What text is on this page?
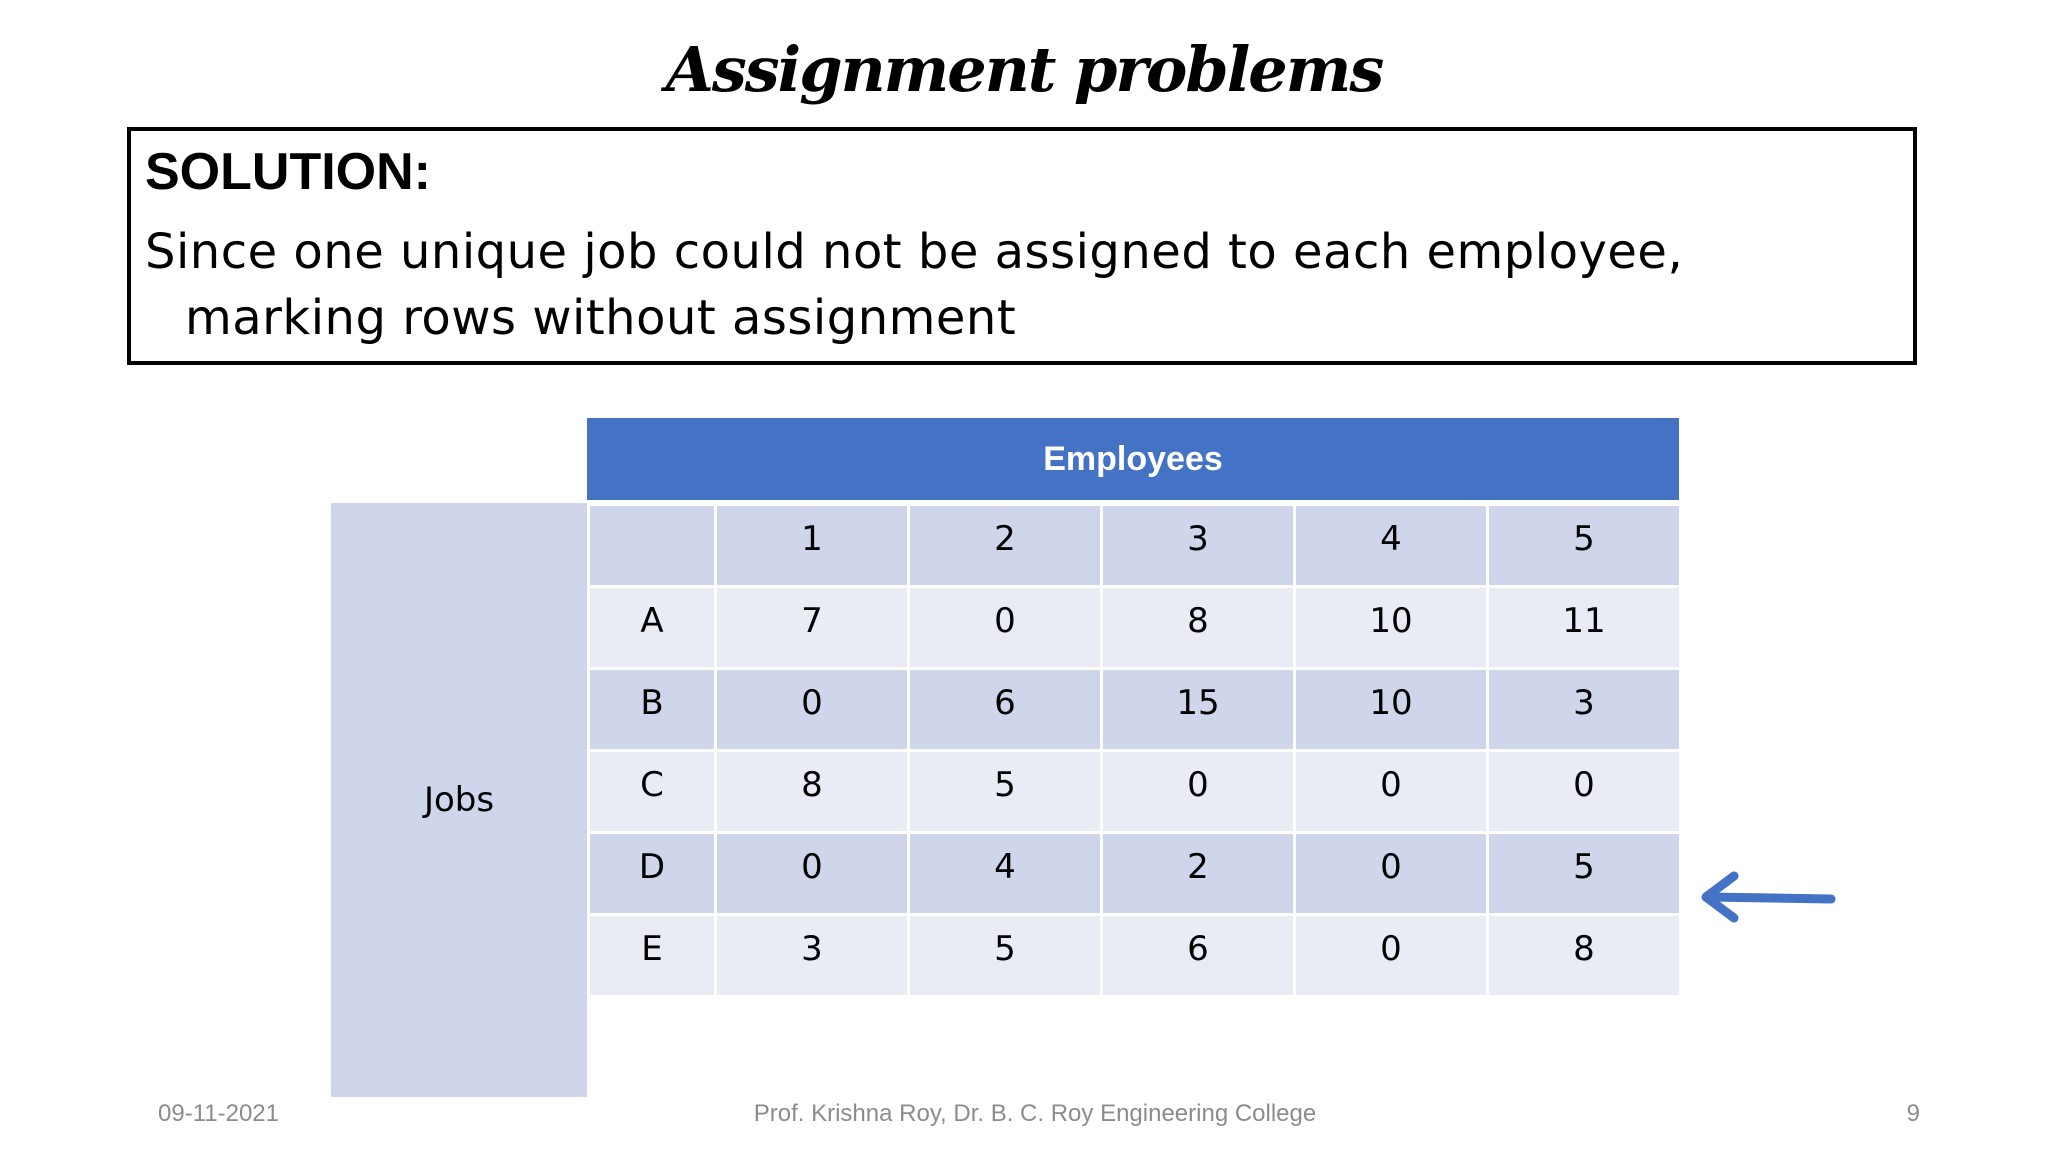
Assignment problems
SOLUTION:
Since one unique job could not be assigned to each employee, marking rows without assignment
Employees
Jobs
	1	2	3	4	5
A	7	0	8	10	11
B	0	6	15	10	3
C	8	5	0	0	0
D	0	4	2	0	5
E	3	5	6	0	8
09-11-2021	Prof. Krishna Roy, Dr. B. C. Roy Engineering College	9
